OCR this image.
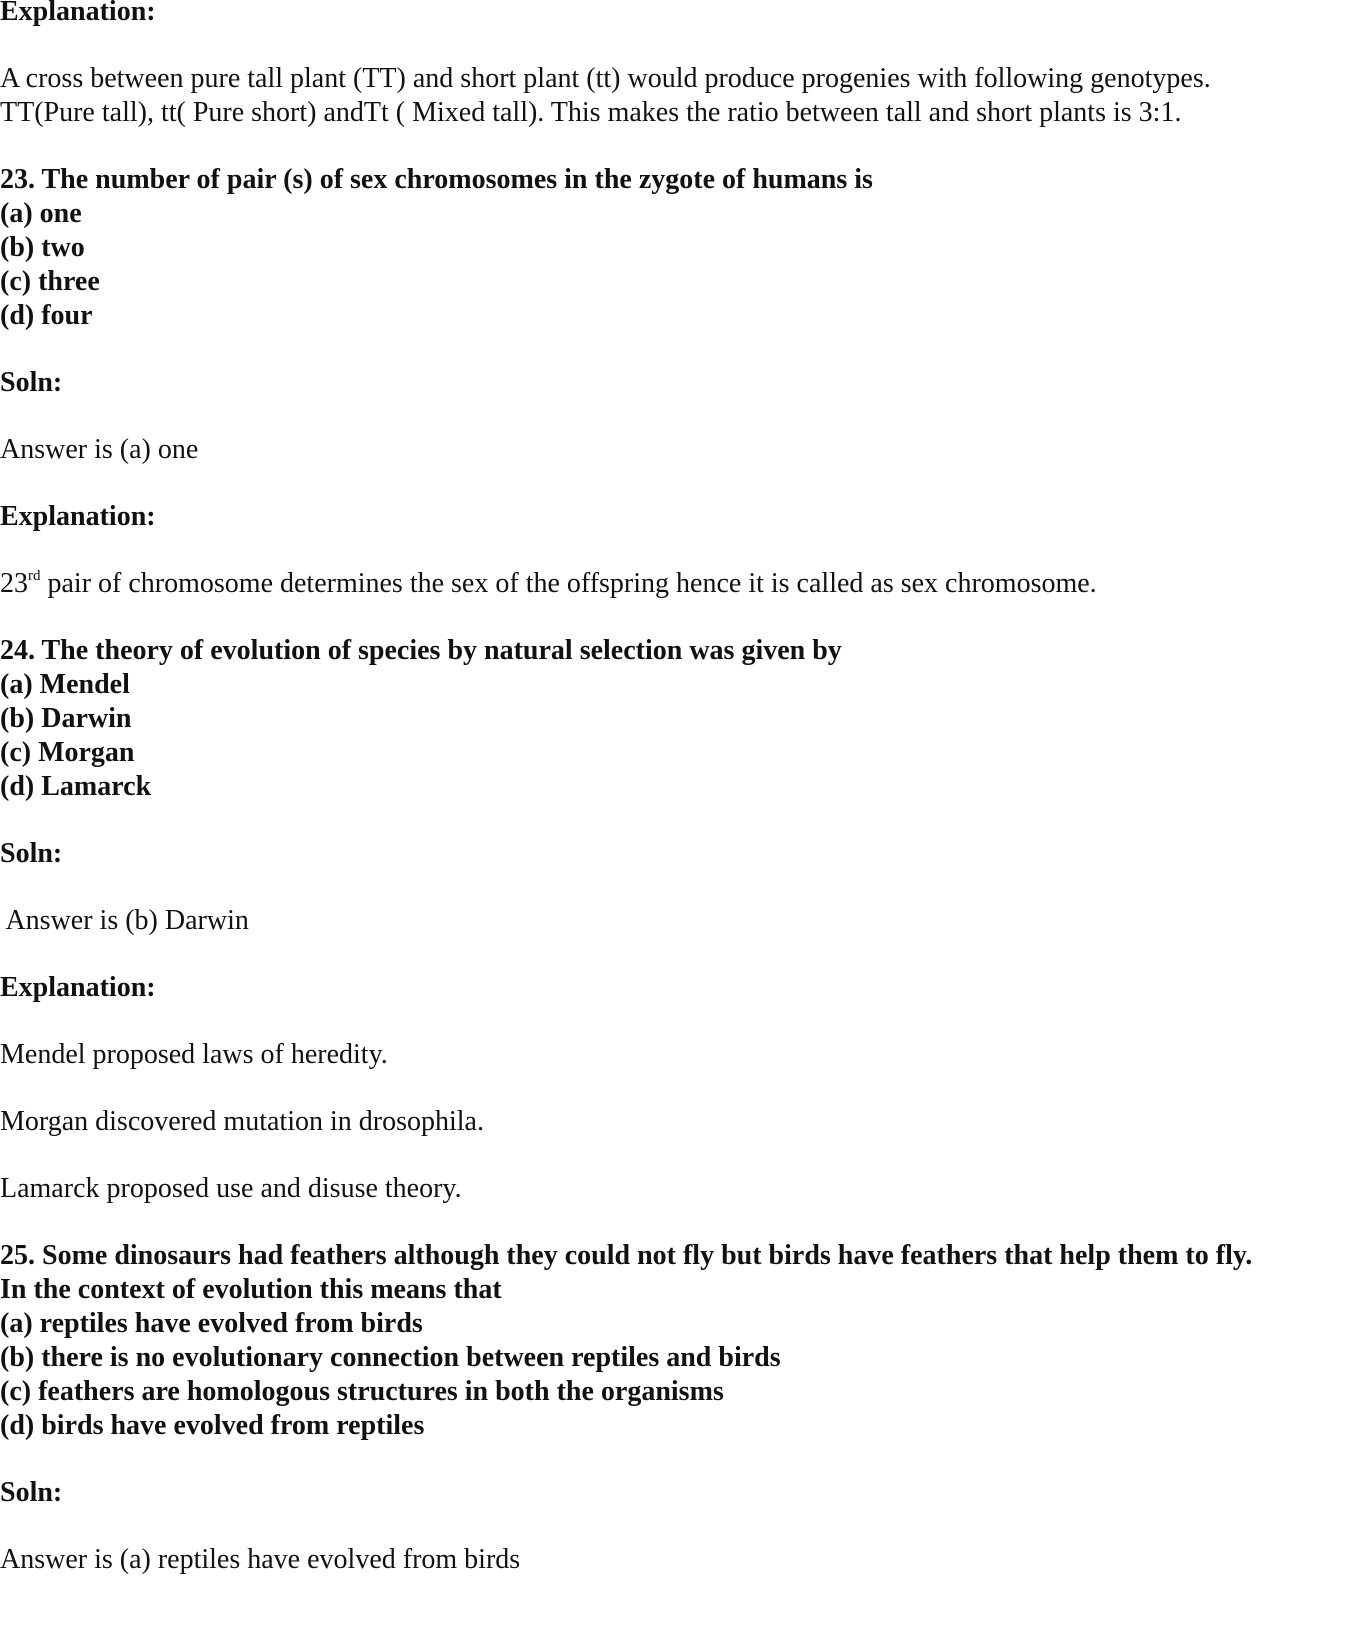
Explanation:
A cross between pure tall plant (TT) and short plant (tt) would produce progenies with following genotypes.
TT(Pure tall), tt( Pure short) andTt ( Mixed tall). This makes the ratio between tall and short plants is 3:1.
23. The number of pair (s) of sex chromosomes in the zygote of humans is
(a) one
(b) two
(c) three
(d) four
Soln:
Answer is (a) one
Explanation:
23rd pair of chromosome determines the sex of the offspring hence it is called as sex chromosome.
24. The theory of evolution of species by natural selection was given by
(a) Mendel
(b) Darwin
(c) Morgan
(d) Lamarck
Soln:
Answer is (b) Darwin
Explanation:
Mendel proposed laws of heredity.
Morgan discovered mutation in drosophila.
Lamarck proposed use and disuse theory.
25. Some dinosaurs had feathers although they could not fly but birds have feathers that help them to fly.
In the context of evolution this means that
(a) reptiles have evolved from birds
(b) there is no evolutionary connection between reptiles and birds
(c) feathers are homologous structures in both the organisms
(d) birds have evolved from reptiles
Soln:
Answer is (a) reptiles have evolved from birds
